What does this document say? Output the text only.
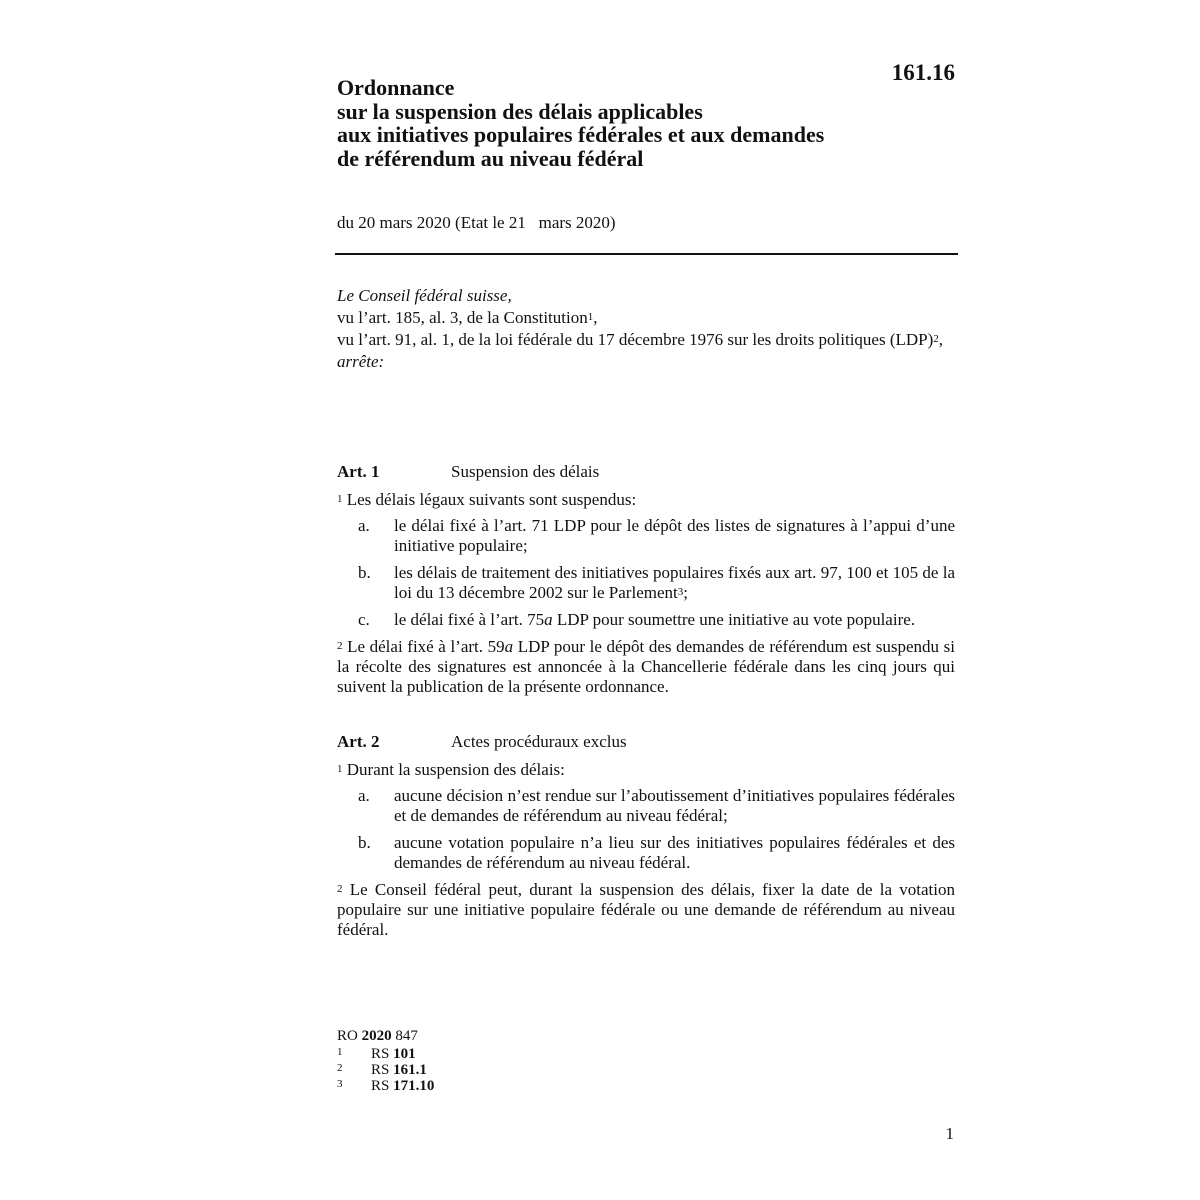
161.16
Ordonnance
sur la suspension des délais applicables
aux initiatives populaires fédérales et aux demandes
de référendum au niveau fédéral
du 20 mars 2020 (Etat le 21   mars 2020)
Le Conseil fédéral suisse,
vu l’art. 185, al. 3, de la Constitution$^1$,
vu l’art. 91, al. 1, de la loi fédérale du 17 décembre 1976 sur les droits politiques (LDP)$^2$,
arrête:
Art. 1	Suspension des délais
$^1$ Les délais légaux suivants sont suspendus:
a.	le délai fixé à l’art. 71 LDP pour le dépôt des listes de signatures à l’appui d’une initiative populaire;
b.	les délais de traitement des initiatives populaires fixés aux art. 97, 100 et 105 de la loi du 13 décembre 2002 sur le Parlement$^3$;
c.	le délai fixé à l’art. 75a LDP pour soumettre une initiative au vote populaire.
$^2$ Le délai fixé à l’art. 59a LDP pour le dépôt des demandes de référendum est suspendu si la récolte des signatures est annoncée à la Chancellerie fédérale dans les cinq jours qui suivent la publication de la présente ordonnance.
Art. 2	Actes procéduraux exclus
$^1$ Durant la suspension des délais:
a.	aucune décision n’est rendue sur l’aboutissement d’initiatives populaires fédérales et de demandes de référendum au niveau fédéral;
b.	aucune votation populaire n’a lieu sur des initiatives populaires fédérales et des demandes de référendum au niveau fédéral.
$^2$ Le Conseil fédéral peut, durant la suspension des délais, fixer la date de la votation populaire sur une initiative populaire fédérale ou une demande de référendum au niveau fédéral.
RO 2020 847
1	RS 101
2	RS 161.1
3	RS 171.10
1
